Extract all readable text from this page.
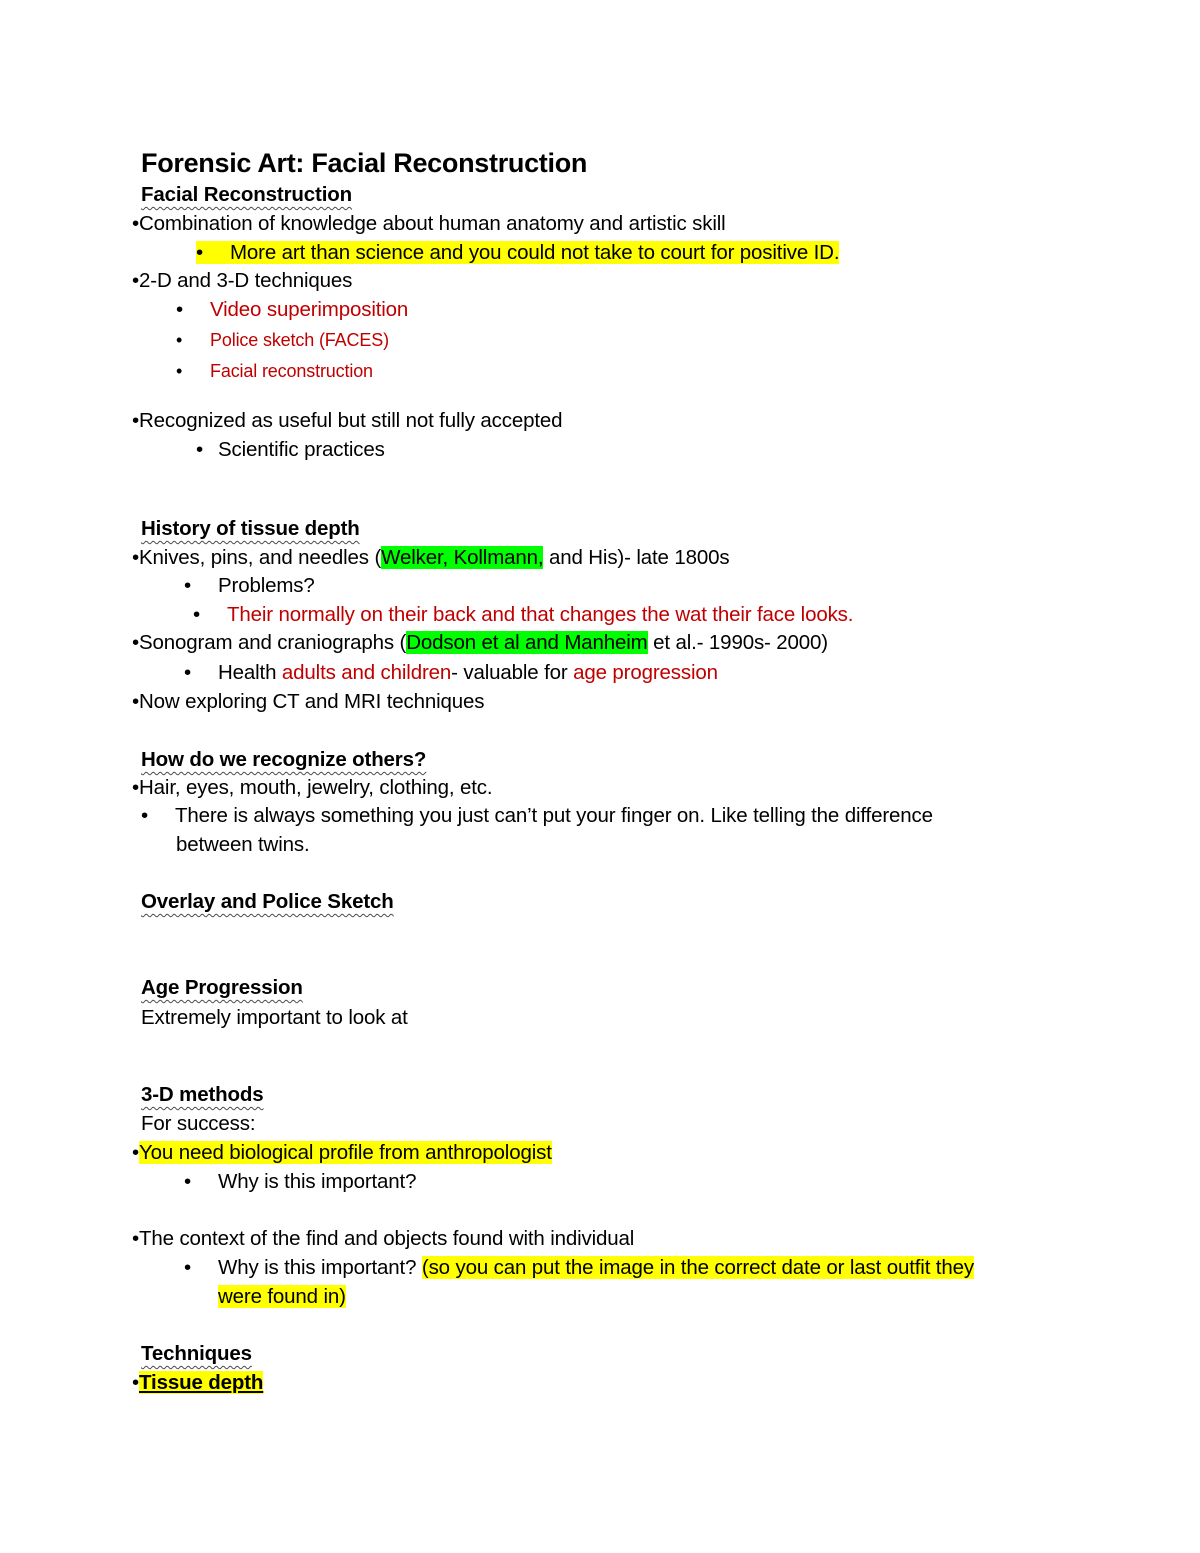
Forensic Art: Facial Reconstruction
Facial Reconstruction
•Combination of knowledge about human anatomy and artistic skill
• More art than science and you could not take to court for positive ID.
•2-D and 3-D techniques
• Video superimposition
• Police sketch (FACES)
• Facial reconstruction
•Recognized as useful but still not fully accepted
• Scientific practices
History of tissue depth
•Knives, pins, and needles (Welker, Kollmann, and His)- late 1800s
• Problems?
• Their normally on their back and that changes the wat their face looks.
•Sonogram and craniographs (Dodson et al and Manheim et al.- 1990s- 2000)
• Health adults and children- valuable for age progression
•Now exploring CT and MRI techniques
How do we recognize others?
•Hair, eyes, mouth, jewelry, clothing, etc.
• There is always something you just can’t put your finger on. Like telling the difference
between twins.
Overlay and Police Sketch
Age Progression
Extremely important to look at
3-D methods
For success:
•You need biological profile from anthropologist
• Why is this important?
•The context of the find and objects found with individual
• Why is this important? (so you can put the image in the correct date or last outfit they
were found in)
Techniques
•Tissue depth
